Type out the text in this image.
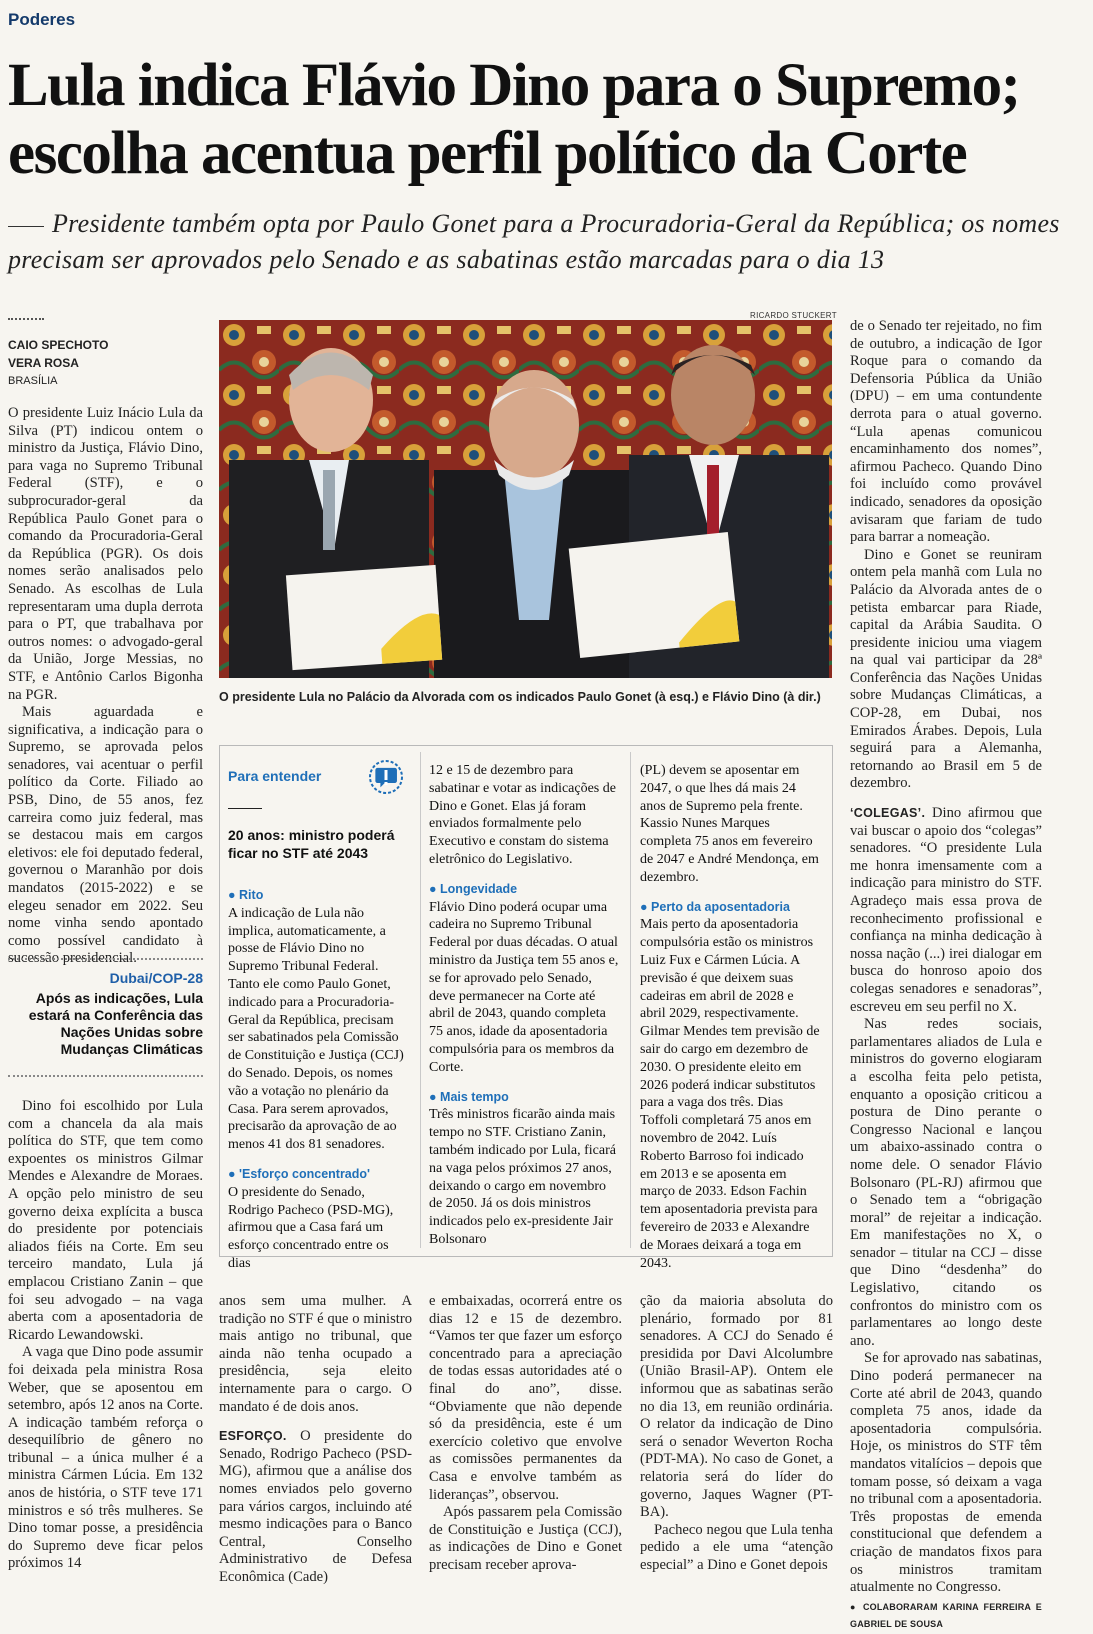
Poderes
Lula indica Flávio Dino para o Supremo; escolha acentua perfil político da Corte
Presidente também opta por Paulo Gonet para a Procuradoria-Geral da República; os nomes precisam ser aprovados pelo Senado e as sabatinas estão marcadas para o dia 13
CAIO SPECHOTO
VERA ROSA
BRASÍLIA

O presidente Luiz Inácio Lula da Silva (PT) indicou ontem o ministro da Justiça, Flávio Dino, para vaga no Supremo Tribunal Federal (STF), e o subprocurador-geral da República Paulo Gonet para o comando da Procuradoria-Geral da República (PGR). Os dois nomes serão analisados pelo Senado. As escolhas de Lula representaram uma dupla derrota para o PT, que trabalhava por outros nomes: o advogado-geral da União, Jorge Messias, no STF, e Antônio Carlos Bigonha na PGR.

Mais aguardada e significativa, a indicação para o Supremo, se aprovada pelos senadores, vai acentuar o perfil político da Corte. Filiado ao PSB, Dino, de 55 anos, fez carreira como juiz federal, mas se destacou mais em cargos eletivos: ele foi deputado federal, governou o Maranhão por dois mandatos (2015-2022) e se elegeu senador em 2022. Seu nome vinha sendo apontado como possível candidato à sucessão presidencial.

Dubai/COP-28
Após as indicações, Lula estará na Conferência das Nações Unidas sobre Mudanças Climáticas

Dino foi escolhido por Lula com a chancela da ala mais política do STF, que tem como expoentes os ministros Gilmar Mendes e Alexandre de Moraes. A opção pelo ministro de seu governo deixa explícita a busca do presidente por potenciais aliados fiéis na Corte. Em seu terceiro mandato, Lula já emplacou Cristiano Zanin – que foi seu advogado – na vaga aberta com a aposentadoria de Ricardo Lewandowski.

A vaga que Dino pode assumir foi deixada pela ministra Rosa Weber, que se aposentou em setembro, após 12 anos na Corte. A indicação também reforça o desequilíbrio de gênero no tribunal – a única mulher é a ministra Cármen Lúcia. Em 132 anos de história, o STF teve 171 ministros e só três mulheres. Se Dino tomar posse, a presidência do Supremo deve ficar pelos próximos 14

RICARDO STUCKERT
O presidente Lula no Palácio da Alvorada com os indicados Paulo Gonet (à esq.) e Flávio Dino (à dir.)
Para entender
20 anos: ministro poderá ficar no STF até 2043
● Rito

A indicação de Lula não implica, automaticamente, a posse de Flávio Dino no Supremo Tribunal Federal. Tanto ele como Paulo Gonet, indicado para a Procuradoria-Geral da República, precisam ser sabatinados pela Comissão de Constituição e Justiça (CCJ) do Senado. Depois, os nomes vão a votação no plenário da Casa. Para serem aprovados, precisarão da aprovação de ao menos 41 dos 81 senadores.

● 'Esforço concentrado'

O presidente do Senado, Rodrigo Pacheco (PSD-MG), afirmou que a Casa fará um esforço concentrado entre os dias

12 e 15 de dezembro para sabatinar e votar as indicações de Dino e Gonet. Elas já foram enviados formalmente pelo Executivo e constam do sistema eletrônico do Legislativo.

● Longevidade

Flávio Dino poderá ocupar uma cadeira no Supremo Tribunal Federal por duas décadas. O atual ministro da Justiça tem 55 anos e, se for aprovado pelo Senado, deve permanecer na Corte até abril de 2043, quando completa 75 anos, idade da aposentadoria compulsória para os membros da Corte.

● Mais tempo

Três ministros ficarão ainda mais tempo no STF. Cristiano Zanin, também indicado por Lula, ficará na vaga pelos próximos 27 anos, deixando o cargo em novembro de 2050. Já os dois ministros indicados pelo ex-presidente Jair Bolsonaro

(PL) devem se aposentar em 2047, o que lhes dá mais 24 anos de Supremo pela frente. Kassio Nunes Marques completa 75 anos em fevereiro de 2047 e André Mendonça, em dezembro.

● Perto da aposentadoria

Mais perto da aposentadoria compulsória estão os ministros Luiz Fux e Cármen Lúcia. A previsão é que deixem suas cadeiras em abril de 2028 e abril 2029, respectivamente. Gilmar Mendes tem previsão de sair do cargo em dezembro de 2030. O presidente eleito em 2026 poderá indicar substitutos para a vaga dos três. Dias Toffoli completará 75 anos em novembro de 2042. Luís Roberto Barroso foi indicado em 2013 e se aposenta em março de 2033. Edson Fachin tem aposentadoria prevista para fevereiro de 2033 e Alexandre de Moraes deixará a toga em 2043.

anos sem uma mulher. A tradição no STF é que o ministro mais antigo no tribunal, que ainda não tenha ocupado a presidência, seja eleito internamente para o cargo. O mandato é de dois anos.

ESFORÇO. O presidente do Senado, Rodrigo Pacheco (PSD-MG), afirmou que a análise dos nomes enviados pelo governo para vários cargos, incluindo até mesmo indicações para o Banco Central, Conselho Administrativo de Defesa Econômica (Cade)

e embaixadas, ocorrerá entre os dias 12 e 15 de dezembro. “Vamos ter que fazer um esforço concentrado para a apreciação de todas essas autoridades até o final do ano”, disse. “Obviamente que não depende só da presidência, este é um exercício coletivo que envolve as comissões permanentes da Casa e envolve também as lideranças”, observou.

Após passarem pela Comissão de Constituição e Justiça (CCJ), as indicações de Dino e Gonet precisam receber aprova-

ção da maioria absoluta do plenário, formado por 81 senadores. A CCJ do Senado é presidida por Davi Alcolumbre (União Brasil-AP). Ontem ele informou que as sabatinas serão no dia 13, em reunião ordinária. O relator da indicação de Dino será o senador Weverton Rocha (PDT-MA). No caso de Gonet, a relatoria será do líder do governo, Jaques Wagner (PT-BA).

Pacheco negou que Lula tenha pedido a ele uma “atenção especial” a Dino e Gonet depois

de o Senado ter rejeitado, no fim de outubro, a indicação de Igor Roque para o comando da Defensoria Pública da União (DPU) – em uma contundente derrota para o atual governo. “Lula apenas comunicou encaminhamento dos nomes”, afirmou Pacheco. Quando Dino foi incluído como provável indicado, senadores da oposição avisaram que fariam de tudo para barrar a nomeação.

Dino e Gonet se reuniram ontem pela manhã com Lula no Palácio da Alvorada antes de o petista embarcar para Riade, capital da Arábia Saudita. O presidente iniciou uma viagem na qual vai participar da 28ª Conferência das Nações Unidas sobre Mudanças Climáticas, a COP-28, em Dubai, nos Emirados Árabes. Depois, Lula seguirá para a Alemanha, retornando ao Brasil em 5 de dezembro.

‘COLEGAS’. Dino afirmou que vai buscar o apoio dos “colegas” senadores. “O presidente Lula me honra imensamente com a indicação para ministro do STF. Agradeço mais essa prova de reconhecimento profissional e confiança na minha dedicação à nossa nação (...) irei dialogar em busca do honroso apoio dos colegas senadores e senadoras”, escreveu em seu perfil no X.

Nas redes sociais, parlamentares aliados de Lula e ministros do governo elogiaram a escolha feita pelo petista, enquanto a oposição criticou a postura de Dino perante o Congresso Nacional e lançou um abaixo-assinado contra o nome dele. O senador Flávio Bolsonaro (PL-RJ) afirmou que o Senado tem a “obrigação moral” de rejeitar a indicação. Em manifestações no X, o senador – titular na CCJ – disse que Dino “desdenha” do Legislativo, citando os confrontos do ministro com os parlamentares ao longo deste ano.

Se for aprovado nas sabatinas, Dino poderá permanecer na Corte até abril de 2043, quando completa 75 anos, idade da aposentadoria compulsória. Hoje, os ministros do STF têm mandatos vitalícios – depois que tomam posse, só deixam a vaga no tribunal com a aposentadoria. Três propostas de emenda constitucional que defendem a criação de mandatos fixos para os ministros tramitam atualmente no Congresso.

● COLABORARAM KARINA FERREIRA E GABRIEL DE SOUSA
